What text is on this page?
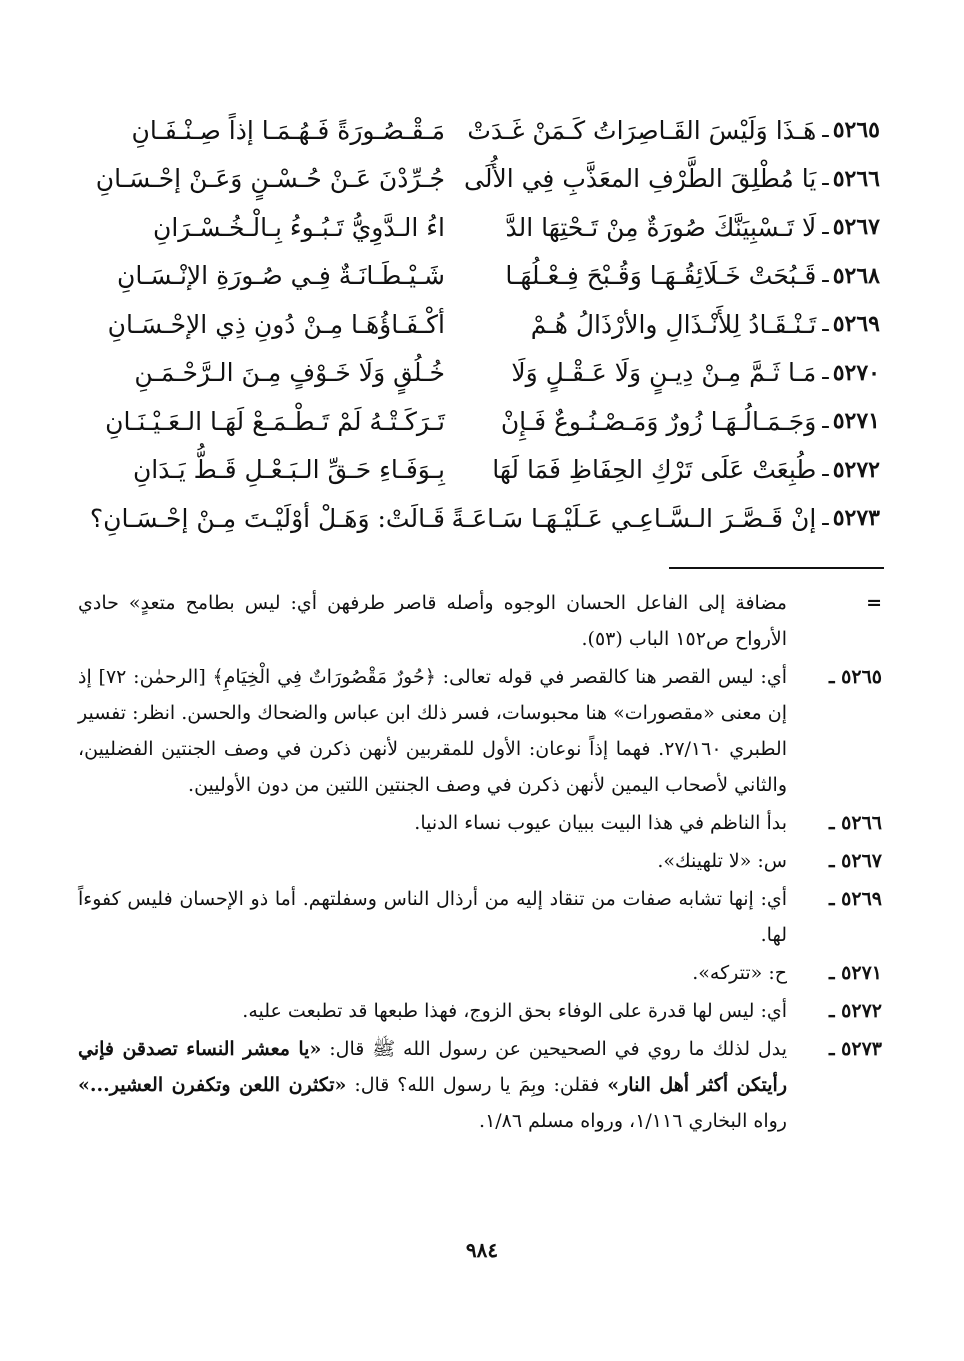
٥٢٦٥
ـ
هَـذَا وَلَيْسَ القَـاصِرَاتُ كَـمَنْ غَـدَتْ
مَـقْـصُـورَةً فَـهُـمَـا إذاً صِـنْـفَـانِ
٥٢٦٦
ـ
يَا مُطْلِقَ الطَّرْفِ المعَذَّبِ فِي الأُلَى
جُـرِّدْنَ عَـنْ حُـسْـنٍ وَعَـنْ إحْـسَـانِ
٥٢٦٧
ـ
لَا تَـسْبِيَنَّكَ صُورَةٌ مِنْ تَـحْتِهَا الدَّ
اءُ الـدَّوِيُّ تَـبُـوءُ بِـالْـخُـسْـرَانِ
٥٢٦٨
ـ
قَـبُحَتْ خَـلَائِقُـهَـا وَقُـبْحَ فِـعْـلُهَـا
شَـيْـطَـانَـةٌ فِـي صُـورَةِ الإنْـسَـانِ
٥٢٦٩
ـ
تَـنْـقَـادُ لِلأَنْـذَالِ والأرْذَالُ هُـمْ
أكْـفَـاؤُهَـا مِـنْ دُونِ ذِي الإحْـسَـانِ
٥٢٧٠
ـ
مَـا ثَـمَّ مِـنْ دِيـنٍ وَلَا عَـقْـلٍ وَلَا
خُـلُقٍ وَلَا خَـوْفٍ مِـنَ الـرَّحْـمَـنِ
٥٢٧١
ـ
وَجَـمَـالُـهَـا زُورٌ وَمَـصْـنُـوعٌ فَـإِنْ
تَـرَكَـتْـهُ لَمْ تَـطْـمَـعْ لَهَـا الـعَـيْـنَـانِ
٥٢٧٢
ـ
طُبِعَتْ عَلَى تَرْكِ الحِفَاظِ فَمَا لَهَا
بِـوَفَـاءِ حَـقِّ الـبَـعْـلِ قَـطُّ يَـدَانِ
٥٢٧٣
ـ
إنْ قَـصَّـرَ الـسَّـاعِـي عَـلَيْـهَـا سَـاعَـةً
قَـالَتْ: وَهَـلْ أوْلَيْـتَ مِـنْ إحْـسَـانِ؟
=
مضافة إلى الفاعل الحسان الوجوه وأصله قاصر طرفهن أي: ليس بطامح متعدٍ» حادي الأرواح ص١٥٢ الباب (٥٣).
٥٢٦٥ ـ
أي: ليس القصر هنا كالقصر في قوله تعالى: ﴿حُورٌ مَقْصُورَاتٌ فِي الْخِيَامِ﴾ [الرحمٰن: ٧٢] إذ إن معنى «مقصورات» هنا محبوسات، فسر ذلك ابن عباس والضحاك والحسن. انظر: تفسير الطبري ٢٧/١٦٠. فهما إذاً نوعان: الأول للمقربين لأنهن ذكرن في وصف الجنتين الفضليين، والثاني لأصحاب اليمين لأنهن ذكرن في وصف الجنتين اللتين من دون الأوليين.
٥٢٦٦ ـ
بدأ الناظم في هذا البيت ببيان عيوب نساء الدنيا.
٥٢٦٧ ـ
س: «لا تلهينك».
٥٢٦٩ ـ
أي: إنها تشابه صفات من تنقاد إليه من أرذال الناس وسفلتهم. أما ذو الإحسان فليس كفوءاً لها.
٥٢٧١ ـ
ح: «تتركه».
٥٢٧٢ ـ
أي: ليس لها قدرة على الوفاء بحق الزوج، فهذا طبعها قد تطبعت عليه.
٥٢٧٣ ـ
يدل لذلك ما روي في الصحيحين عن رسول الله ﷺ قال: «يا معشر النساء تصدقن فإني رأيتكن أكثر أهل النار» فقلن: وبِمَ يا رسول الله؟ قال: «تكثرن اللعن وتكفرن العشير...» رواه البخاري ١/١١٦، ورواه مسلم ١/٨٦.
٩٨٤
